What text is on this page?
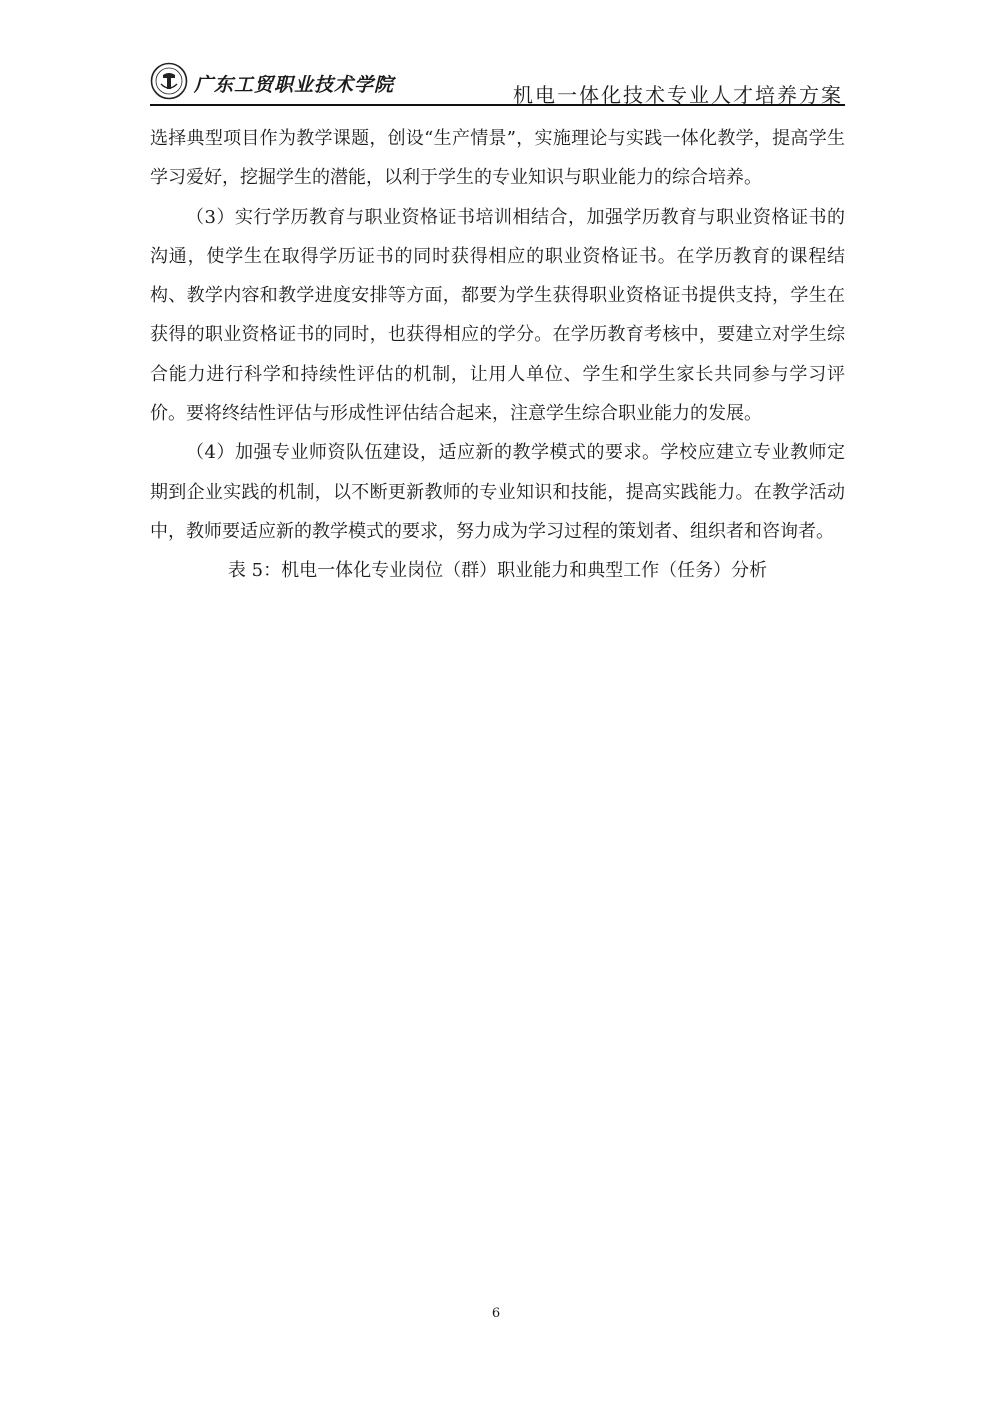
广东工贸职业技术学院	机电一体化技术专业人才培养方案

选择典型项目作为教学课题，创设“生产情景”，实施理论与实践一体化教学，提高学生学习爱好，挖掘学生的潜能，以利于学生的专业知识与职业能力的综合培养。

（3）实行学历教育与职业资格证书培训相结合，加强学历教育与职业资格证书的沟通，使学生在取得学历证书的同时获得相应的职业资格证书。在学历教育的课程结构、教学内容和教学进度安排等方面，都要为学生获得职业资格证书提供支持，学生在获得的职业资格证书的同时，也获得相应的学分。在学历教育考核中，要建立对学生综合能力进行科学和持续性评估的机制，让用人单位、学生和学生家长共同参与学习评价。要将终结性评估与形成性评估结合起来，注意学生综合职业能力的发展。

（4）加强专业师资队伍建设，适应新的教学模式的要求。学校应建立专业教师定期到企业实践的机制，以不断更新教师的专业知识和技能，提高实践能力。在教学活动中，教师要适应新的教学模式的要求，努力成为学习过程的策划者、组织者和咨询者。

表 5：机电一体化专业岗位（群）职业能力和典型工作（任务）分析

6
